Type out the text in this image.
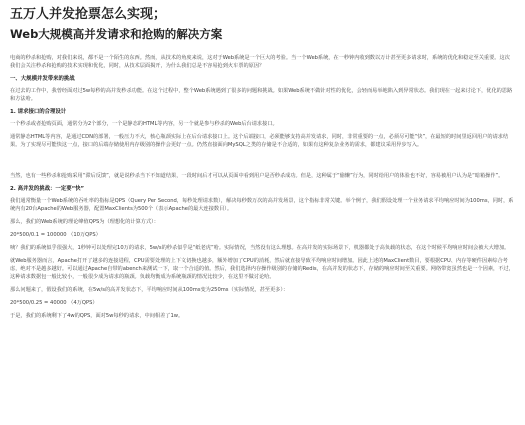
五万人并发抢票怎么实现；
Web大规模高并发请求和抢购的解决方案
电商的秒杀和抢购，对我们来说，都不是一个陌生的东西。然而，从技术的角度来说，这对于Web系统是一个巨大的考验。当一个Web系统，在一秒钟内收到数以万计甚至更多请求时，系统的优化和稳定至关重要。这次我们会关注秒杀和抢购的技术实现和优化，同时，从技术层面揭开，为什么我们总是不容易抢到火车票的原因？
一、大规模并发带来的挑战
在过去的工作中，我曾经面对过5w每秒的高并发秒杀功能。在这个过程中，整个Web系统遇到了很多的问题和挑战。如果Web系统不做针对性的优化，会轻而易举地陷入到异常状态。我们现在一起来讨论下，优化的思路和方法哈。
1. 请求接口的合理设计
一个秒杀或者抢购页面，通常分为2个部分，一个是静态的HTML等内容，另一个就是参与秒杀的Web后台请求接口。
通常静态HTML等内容，是通过CDN的部署，一般压力不大，核心瓶颈实际上在后台请求接口上。这个后端接口，必须能够支持高并发请求，同时，非常重要的一点，必须尽可能“快”，在最短的时间里返回用户的请求结果。为了实现尽可能快这一点，接口的后端存储使用内存级别的操作会更好一点。仍然直接面向MySQL之类的存储是不合适的，如果有这种复杂业务的需求，都建议采用异步写入。
当然，也有一些秒杀和抢购采用“滞后反馈”，就是说秒杀当下不知道结果，一段时间后才可以从页面中看到用户是否秒杀成功。但是，这种属于“偷懒”行为，同时给用户的体验也不好，容易被用户认为是“暗箱操作”。
2. 高并发的挑战：一定要“快”
我们通常衡量一个Web系统的吞吐率的指标是QPS（Query Per Second，每秒处理请求数），解决每秒数万次的高并发场景，这个指标非常关键。举个例子，我们假设处理一个业务请求平均响应时间为100ms，同时，系统内有20台Apache的Web服务器，配置MaxClients为500个（表示Apache的最大连接数目）。
那么，我们的Web系统的理论峰值QPS为（理想化的计算方式）：
20*500/0.1 = 100000 （10万QPS）
咦？我们的系统似乎很强大，1秒钟可以处理完10万的请求，5w/s的秒杀似乎是“纸老虎”哈。实际情况，当然没有这么理想。在高并发的实际场景下，机器都处于高负载的状态，在这个时候平均响应时间会被大大增加。
就Web服务器而言，Apache打开了越多的连接进程，CPU需要处理的上下文切换也越多，额外增加了CPU的消耗，然后就直接导致平均响应时间增加。因此上述的MaxClient数目，要根据CPU、内存等硬件因素综合考虑，绝对不是越多越好。可以通过Apache自带的abench来测试一下，取一个合适的值。然后，我们选择内存操作级别的存储的Redis，在高并发的状态下，存储的响应时间至关重要。网络带宽虽然也是一个因素，不过，这种请求数据包一般比较小，一般很少成为请求的瓶颈。负载均衡成为系统瓶颈的情况比较少，在这里不做讨论哈。
那么问题来了，假设我们的系统，在5w/s的高并发状态下，平均响应时间从100ms变为250ms（实际情况，甚至更多）：
20*500/0.25 = 40000 （4万QPS）
于是，我们的系统剩下了4w的QPS，面对5w每秒的请求，中间相差了1w。
